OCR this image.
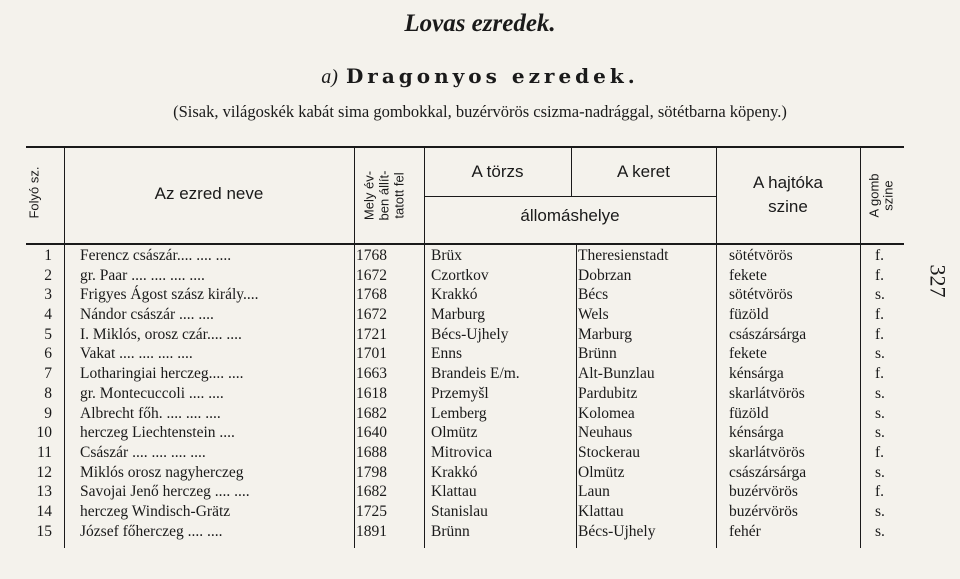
Lovas ezredek.
a) Dragonyos ezredek.
(Sisak, világoskék kabát sima gombokkal, buzérvörös csizma-nadrággal, sötétbarna köpeny.)
327
Folyó sz.	Az ezred neve	Mely év- ben állít- tatott fel
A törzs	A keret
állomáshelye
A hajtóka
szine	A gomb szine
1 Ferencz császár.... .... ....	1768	Brüx	Theresienstadt	sötétvörös	f.
2 gr. Paar .... .... .... ....	1672	Czortkov	Dobrzan	fekete	f.
3 Frigyes Ágost szász király....	1768	Krakkó	Bécs	sötétvörös	s.
4 Nándor császár .... ....	1672	Marburg	Wels	füzöld	f.
5 I. Miklós, orosz czár.... ....	1721	Bécs-Ujhely	Marburg	császársárga	f.
6 Vakat .... .... .... ....	1701	Enns	Brünn	fekete	s.
7 Lotharingiai herczeg.... ....	1663	Brandeis E/m.	Alt-Bunzlau	kénsárga	f.
8 gr. Montecuccoli .... ....	1618	Przemyšl	Pardubitz	skarlátvörös	s.
9 Albrecht főh. .... .... ....	1682	Lemberg	Kolomea	füzöld	s.
10 herczeg Liechtenstein ....	1640	Olmütz	Neuhaus	kénsárga	s.
11 Császár .... .... .... ....	1688	Mitrovica	Stockerau	skarlátvörös	f.
12 Miklós orosz nagyherczeg	1798	Krakkó	Olmütz	császársárga	s.
13 Savojai Jenő herczeg .... ....	1682	Klattau	Laun	buzérvörös	f.
14 herczeg Windisch-Grätz	1725	Stanislau	Klattau	buzérvörös	s.
15 József főherczeg .... ....	1891	Brünn	Bécs-Ujhely	fehér	s.
